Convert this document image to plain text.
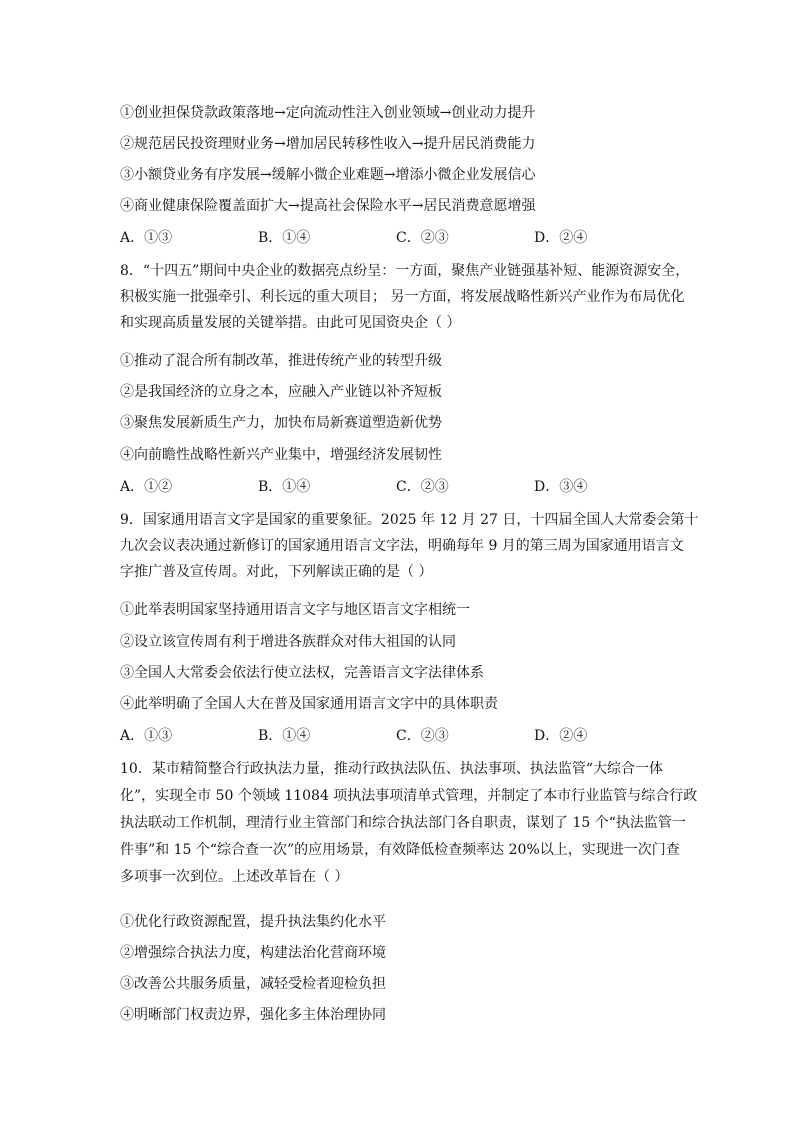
①创业担保贷款政策落地→定向流动性注入创业领域→创业动力提升
②规范居民投资理财业务→增加居民转移性收入→提升居民消费能力
③小额贷业务有序发展→缓解小微企业难题→增添小微企业发展信心
④商业健康保险覆盖面扩大→提高社会保险水平→居民消费意愿增强
A．①③	B．①④	C．②③	D．②④
8．“十四五”期间中央企业的数据亮点纷呈：一方面，聚焦产业链强基补短、能源资源安全，
积极实施一批强牵引、利长远的重大项目； 另一方面，将发展战略性新兴产业作为布局优化
和实现高质量发展的关键举措。由此可见国资央企（ ）
①推动了混合所有制改革，推进传统产业的转型升级
②是我国经济的立身之本，应融入产业链以补齐短板
③聚焦发展新质生产力，加快布局新赛道塑造新优势
④向前瞻性战略性新兴产业集中，增强经济发展韧性
A．①②	B．①④	C．②③	D．③④
9．国家通用语言文字是国家的重要象征。2025 年 12 月 27 日，十四届全国人大常委会第十
九次会议表决通过新修订的国家通用语言文字法，明确每年 9 月的第三周为国家通用语言文
字推广普及宣传周。对此，下列解读正确的是（ ）
①此举表明国家坚持通用语言文字与地区语言文字相统一
②设立该宣传周有利于增进各族群众对伟大祖国的认同
③全国人大常委会依法行使立法权，完善语言文字法律体系
④此举明确了全国人大在普及国家通用语言文字中的具体职责
A．①③	B．①④	C．②③	D．②④
10．某市精简整合行政执法力量，推动行政执法队伍、执法事项、执法监管“大综合一体
化”，实现全市 50 个领域 11084 项执法事项清单式管理，并制定了本市行业监管与综合行政
执法联动工作机制，理清行业主管部门和综合执法部门各自职责，谋划了 15 个“执法监管一
件事”和 15 个“综合查一次”的应用场景，有效降低检查频率达 20%以上，实现进一次门查
多项事一次到位。上述改革旨在（ ）
①优化行政资源配置，提升执法集约化水平
②增强综合执法力度，构建法治化营商环境
③改善公共服务质量，减轻受检者迎检负担
④明晰部门权责边界，强化多主体治理协同
